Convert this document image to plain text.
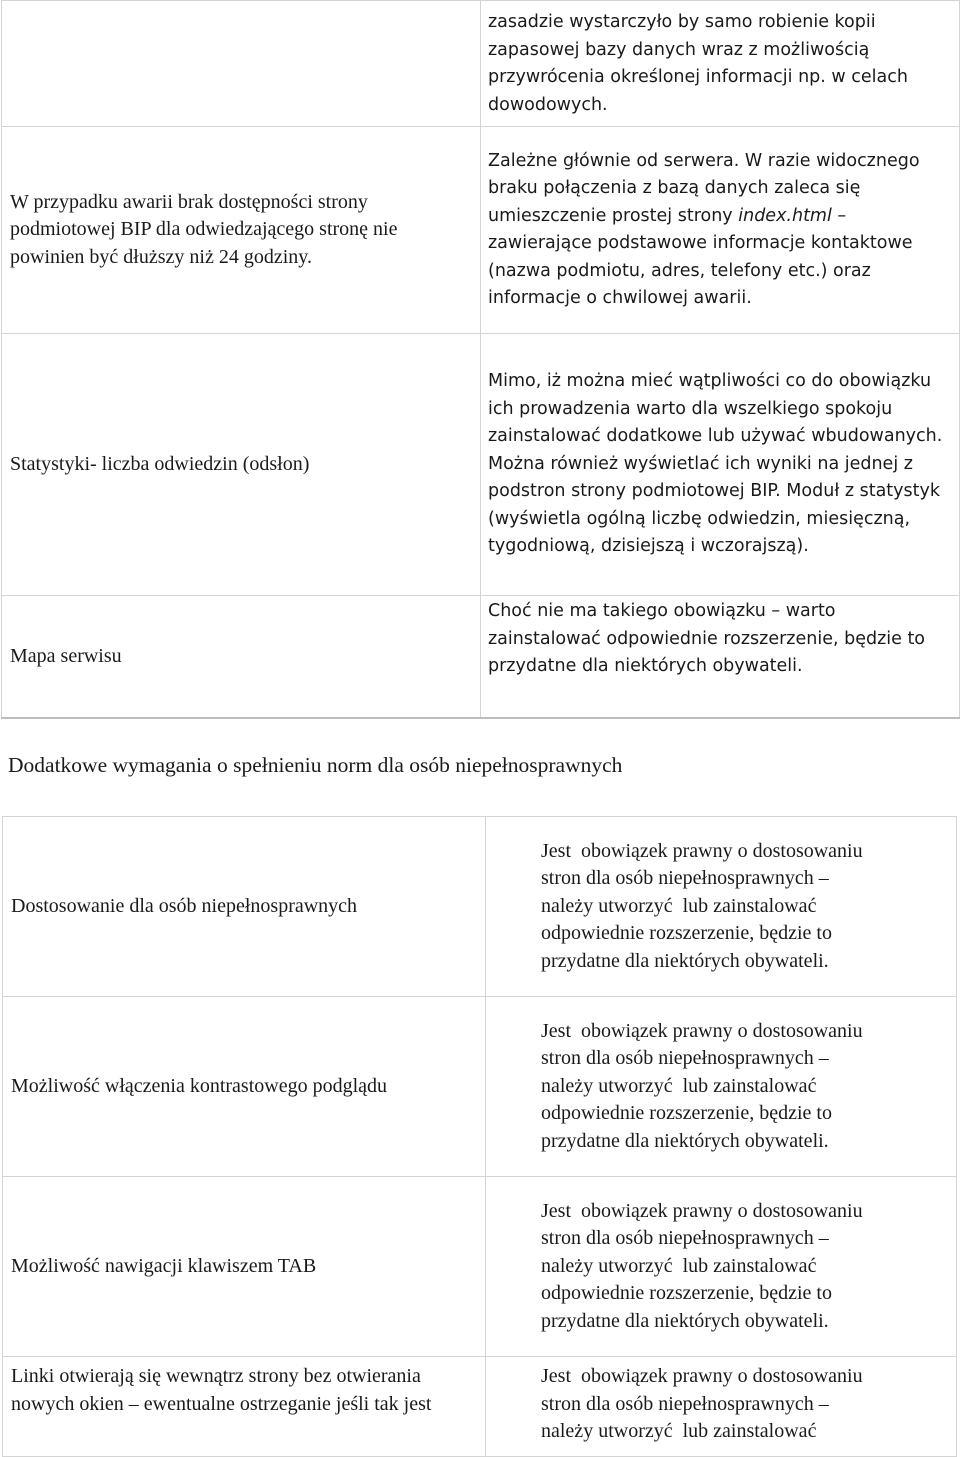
	zasadzie wystarczyło by samo robienie kopii zapasowej bazy danych wraz z możliwością przywrócenia określonej informacji np. w celach dowodowych.

W przypadku awarii brak dostępności strony podmiotowej BIP dla odwiedzającego stronę nie powinien być dłuższy niż 24 godziny.	Zależne głównie od serwera. W razie widocznego braku połączenia z bazą danych zaleca się umieszczenie prostej strony index.html – zawierające podstawowe informacje kontaktowe (nazwa podmiotu, adres, telefony etc.) oraz informacje o chwilowej awarii.

Statystyki- liczba odwiedzin (odsłon)	Mimo, iż można mieć wątpliwości co do obowiązku ich prowadzenia warto dla wszelkiego spokoju zainstalować dodatkowe lub używać wbudowanych. Można również wyświetlać ich wyniki na jednej z podstron strony podmiotowej BIP. Moduł z statystyk (wyświetla ogólną liczbę odwiedzin, miesięczną, tygodniową, dzisiejszą i wczorajszą).

Mapa serwisu	Choć nie ma takiego obowiązku – warto zainstalować odpowiednie rozszerzenie, będzie to przydatne dla niektórych obywateli.

Dodatkowe wymagania o spełnieniu norm dla osób niepełnosprawnych
Dostosowanie dla osób niepełnosprawnych	Jest  obowiązek prawny o dostosowaniu
stron dla osób niepełnosprawnych –
należy utworzyć  lub zainstalować
odpowiednie rozszerzenie, będzie to
przydatne dla niektórych obywateli.

Możliwość włączenia kontrastowego podglądu	Jest  obowiązek prawny o dostosowaniu
stron dla osób niepełnosprawnych –
należy utworzyć  lub zainstalować
odpowiednie rozszerzenie, będzie to
przydatne dla niektórych obywateli.

Możliwość nawigacji klawiszem TAB	Jest  obowiązek prawny o dostosowaniu
stron dla osób niepełnosprawnych –
należy utworzyć  lub zainstalować
odpowiednie rozszerzenie, będzie to
przydatne dla niektórych obywateli.

Linki otwierają się wewnątrz strony bez otwierania nowych okien – ewentualne ostrzeganie jeśli tak jest	Jest  obowiązek prawny o dostosowaniu
stron dla osób niepełnosprawnych –
należy utworzyć  lub zainstalować
